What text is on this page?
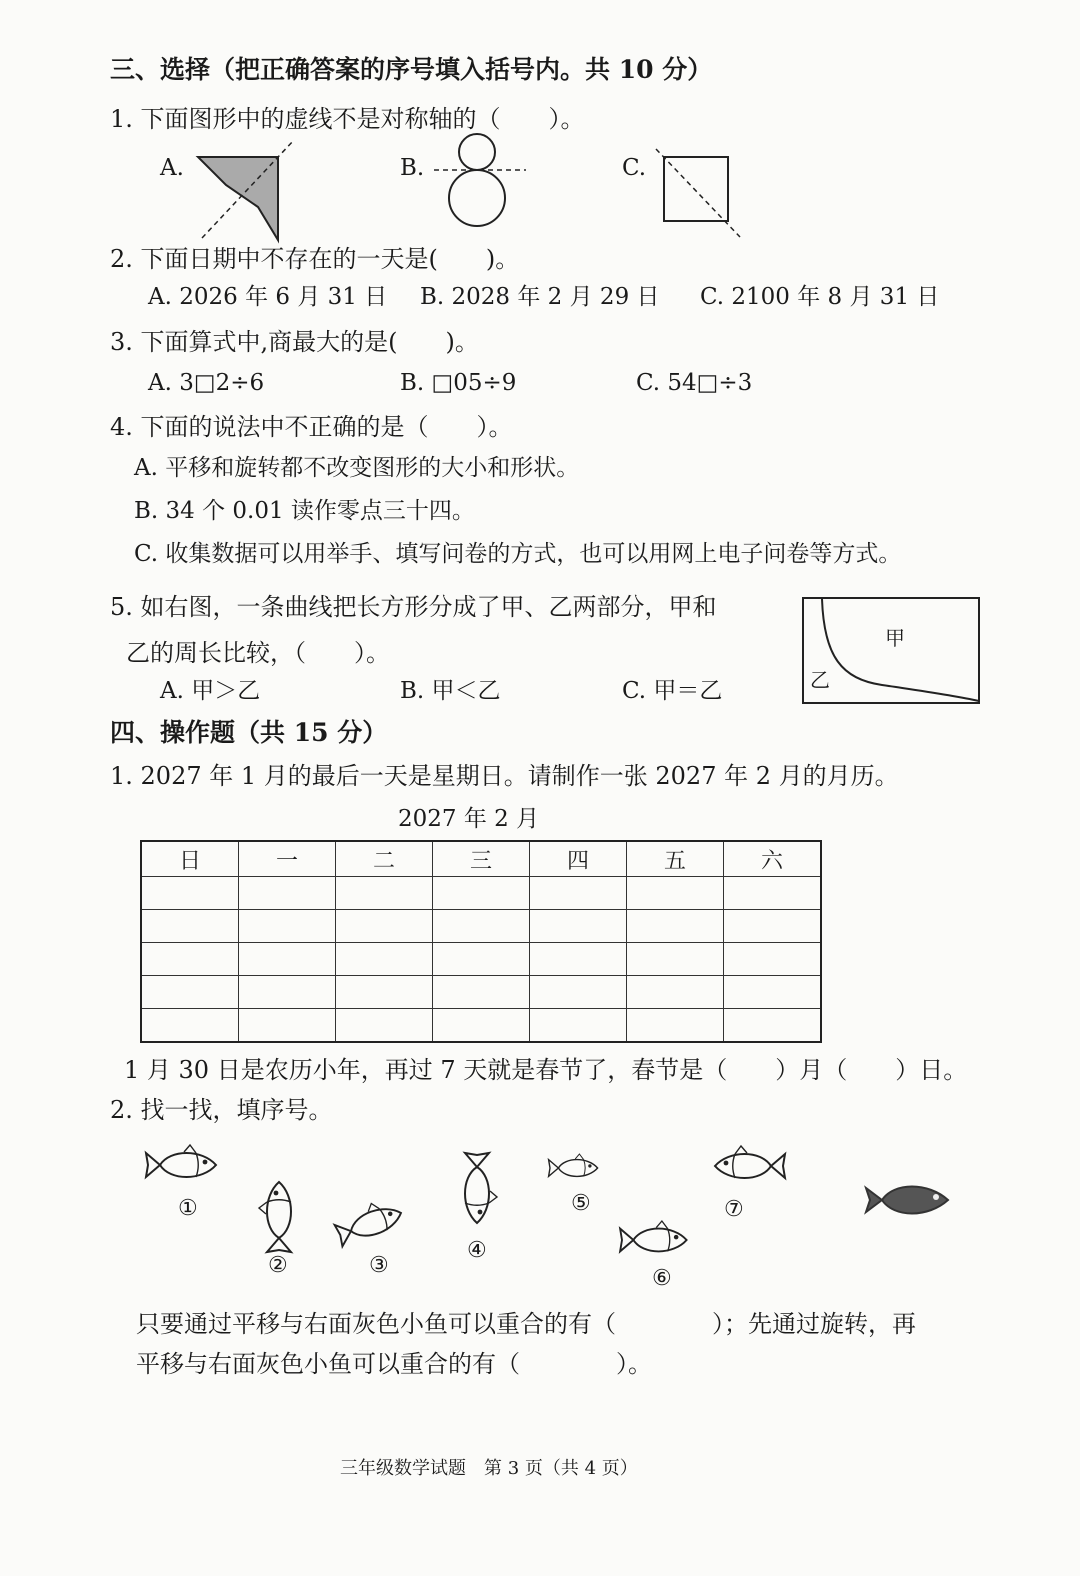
三、选择（把正确答案的序号填入括号内。共 10 分）
1. 下面图形中的虚线不是对称轴的（　　）。
A.	B.	C.
2. 下面日期中不存在的一天是(　　)。
A. 2026 年 6 月 31 日 B. 2028 年 2 月 29 日 C. 2100 年 8 月 31 日
3. 下面算式中,商最大的是(　　)。
A. 3□2÷6	B. □05÷9	C. 54□÷3
4. 下面的说法中不正确的是（　　）。
A. 平移和旋转都不改变图形的大小和形状。
B. 34 个 0.01 读作零点三十四。
C. 收集数据可以用举手、填写问卷的方式，也可以用网上电子问卷等方式。
5. 如右图，一条曲线把长方形分成了甲、乙两部分，甲和
乙的周长比较，（　　）。
A. 甲＞乙	B. 甲＜乙	C. 甲＝乙
甲
乙
四、操作题（共 15 分）
1. 2027 年 1 月的最后一天是星期日。请制作一张 2027 年 2 月的月历。
2027 年 2 月
日	一	二	三	四	五	六

1 月 30 日是农历小年，再过 7 天就是春节了，春节是（　　）月（　　）日。
2. 找一找，填序号。
①
②	③
④
⑤
⑥
⑦
只要通过平移与右面灰色小鱼可以重合的有（　　　　）；先通过旋转，再
平移与右面灰色小鱼可以重合的有（　　　　）。
三年级数学试题　第 3 页（共 4 页）
